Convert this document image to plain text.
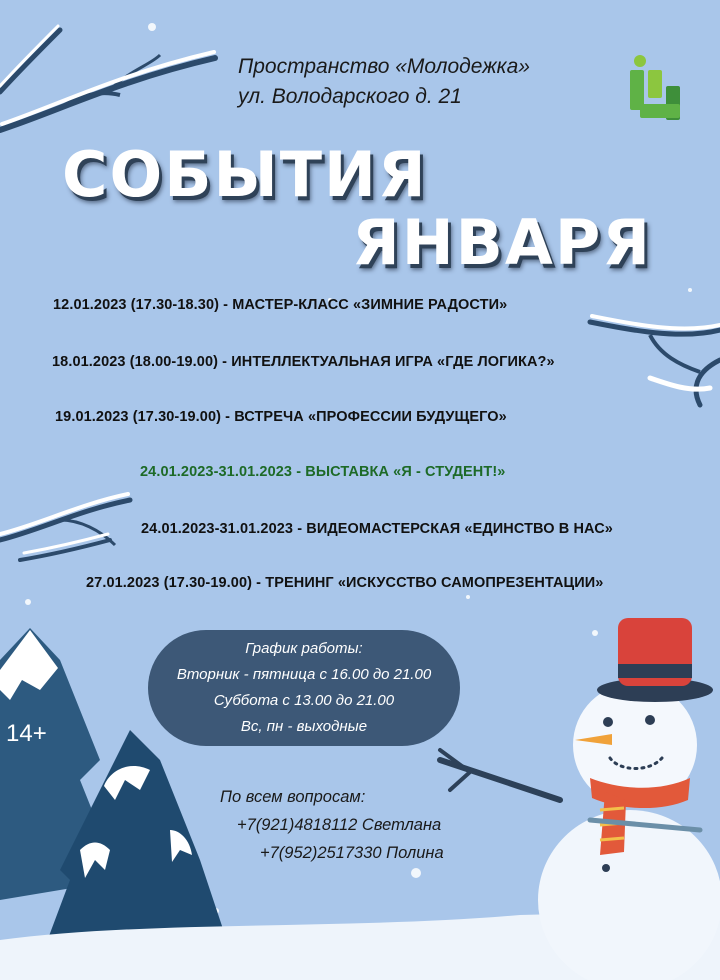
Пространство «Молодежка»
ул. Володарского д. 21
СОБЫТИЯ
ЯНВАРЯ
12.01.2023 (17.30-18.30) - МАСТЕР-КЛАСС «ЗИМНИЕ РАДОСТИ»
18.01.2023 (18.00-19.00) - ИНТЕЛЛЕКТУАЛЬНАЯ ИГРА «ГДЕ ЛОГИКА?»
19.01.2023 (17.30-19.00) - ВСТРЕЧА «ПРОФЕССИИ БУДУЩЕГО»
24.01.2023-31.01.2023 - ВЫСТАВКА «Я - СТУДЕНТ!»
24.01.2023-31.01.2023 - ВИДЕОМАСТЕРСКАЯ «ЕДИНСТВО В НАС»
27.01.2023 (17.30-19.00) - ТРЕНИНГ «ИСКУССТВО САМОПРЕЗЕНТАЦИИ»
График работы:
Вторник - пятница с 16.00 до 21.00
Суббота с 13.00 до 21.00
Вс, пн - выходные
14+
По всем вопросам:
+7(921)4818112 Светлана
+7(952)2517330 Полина
